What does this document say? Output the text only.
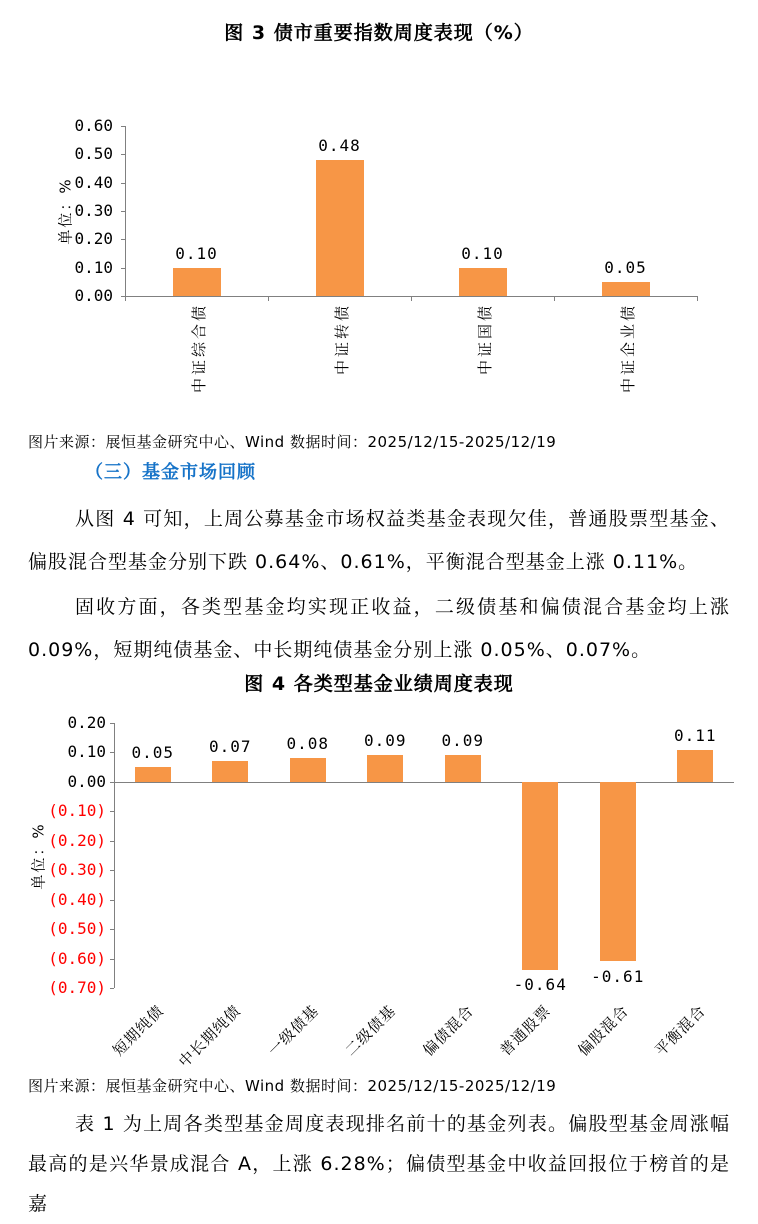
图 3 债市重要指数周度表现（%）
单位：%
0.60
0.50
0.40
0.30
0.20
0.10
0.00
0.10
0.48
0.10
0.05
中证综合债	中证转债	中证国债	中证企业债
图片来源：展恒基金研究中心、Wind 数据时间：2025/12/15-2025/12/19
（三）基金市场回顾
从图 4 可知，上周公募基金市场权益类基金表现欠佳，普通股票型基金、偏股混合型基金分别下跌 0.64%、0.61%，平衡混合型基金上涨 0.11%。
固收方面，各类型基金均实现正收益，二级债基和偏债混合基金均上涨 0.09%，短期纯债基金、中长期纯债基金分别上涨 0.05%、0.07%。
图 4 各类型基金业绩周度表现
单位：%
0.20
0.10
0.00
(0.10)
(0.20)
(0.30)
(0.40)
(0.50)
(0.60)
(0.70)
0.05	0.07	0.08	0.09	0.09
-0.64	-0.61
0.11
短期纯债 中长期纯债 一级债基 二级债基 偏债混合 普通股票 偏股混合 平衡混合
图片来源：展恒基金研究中心、Wind 数据时间：2025/12/15-2025/12/19
表 1 为上周各类型基金周度表现排名前十的基金列表。偏股型基金周涨幅最高的是兴华景成混合 A，上涨 6.28%；偏债型基金中收益回报位于榜首的是嘉
